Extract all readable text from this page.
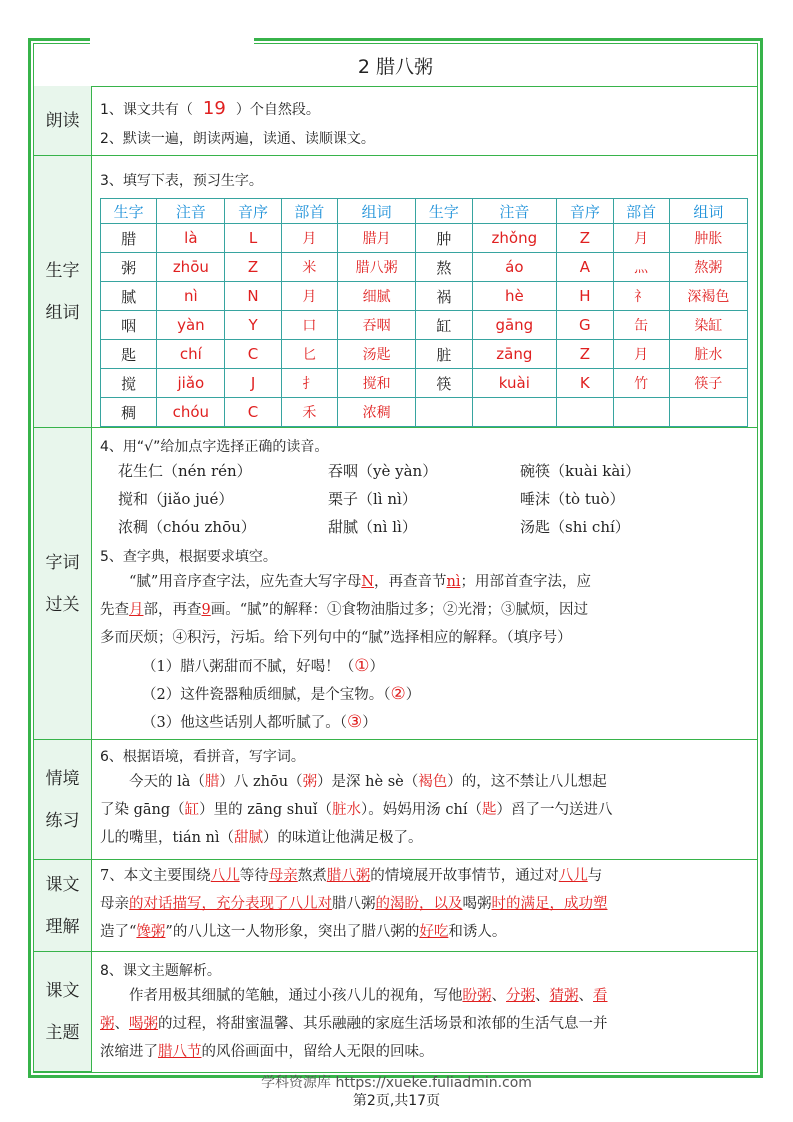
2 腊八粥
朗读
1、课文共有（ 19 ）个自然段。
2、默读一遍，朗读两遍，读通、读顺课文。
生字
组词
3、填写下表，预习生字。
生字	注音	音序	部首	组词	生字	注音	音序	部首	组词
腊	là	L	月	腊月	肿	zhǒng	Z	月	肿胀
粥	zhōu	Z	米	腊八粥	熬	áo	A	灬	熬粥
腻	nì	N	月	细腻	祸	hè	H	礻	深褐色
咽	yàn	Y	口	吞咽	缸	gāng	G	缶	染缸
匙	chí	C	匕	汤匙	脏	zāng	Z	月	脏水
搅	jiǎo	J	扌	搅和	筷	kuài	K	竹	筷子
稠	chóu	C	禾	浓稠					
字词
过关
4、用“√”给加点字选择正确的读音。
花生仁（nén rén）	吞咽（yè yàn）	碗筷（kuài kài）
搅和（jiǎo jué）	栗子（lì nì）	唾沫（tò tuò）
浓稠（chóu zhōu）	甜腻（nì lì）	汤匙（shi chí）
5、查字典，根据要求填空。
“腻”用音序查字法，应先查大写字母N，再查音节nì；用部首查字法，应
先查月部，再查9画。“腻”的解释：①食物油脂过多；②光滑；③腻烦，因过
多而厌烦；④积污，污垢。给下列句中的“腻”选择相应的解释。（填序号）
（1）腊八粥甜而不腻，好喝！（①）
（2）这件瓷器釉质细腻，是个宝物。（②）
（3）他这些话别人都听腻了。（③）
情境
练习
6、根据语境，看拼音，写字词。
今天的 là（腊）八 zhōu（粥）是深 hè sè（褐色）的，这不禁让八儿想起
了染 gāng（缸）里的 zāng shuǐ（脏水）。妈妈用汤 chí（匙）舀了一勺送进八
儿的嘴里，tián nì（甜腻）的味道让他满足极了。
课文
理解
7、本文主要围绕八儿等待母亲熬煮腊八粥的情境展开故事情节，通过对八儿与
母亲的对话描写，充分表现了八儿对腊八粥的渴盼，以及喝粥时的满足，成功塑
造了“馋粥”的八儿这一人物形象，突出了腊八粥的好吃和诱人。
课文
主题
8、课文主题解析。
作者用极其细腻的笔触，通过小孩八儿的视角，写他盼粥、分粥、猜粥、看
粥、喝粥的过程，将甜蜜温馨、其乐融融的家庭生活场景和浓郁的生活气息一并
浓缩进了腊八节的风俗画面中，留给人无限的回味。
学科资源库 https://xueke.fuliadmin.com
第2页,共17页
